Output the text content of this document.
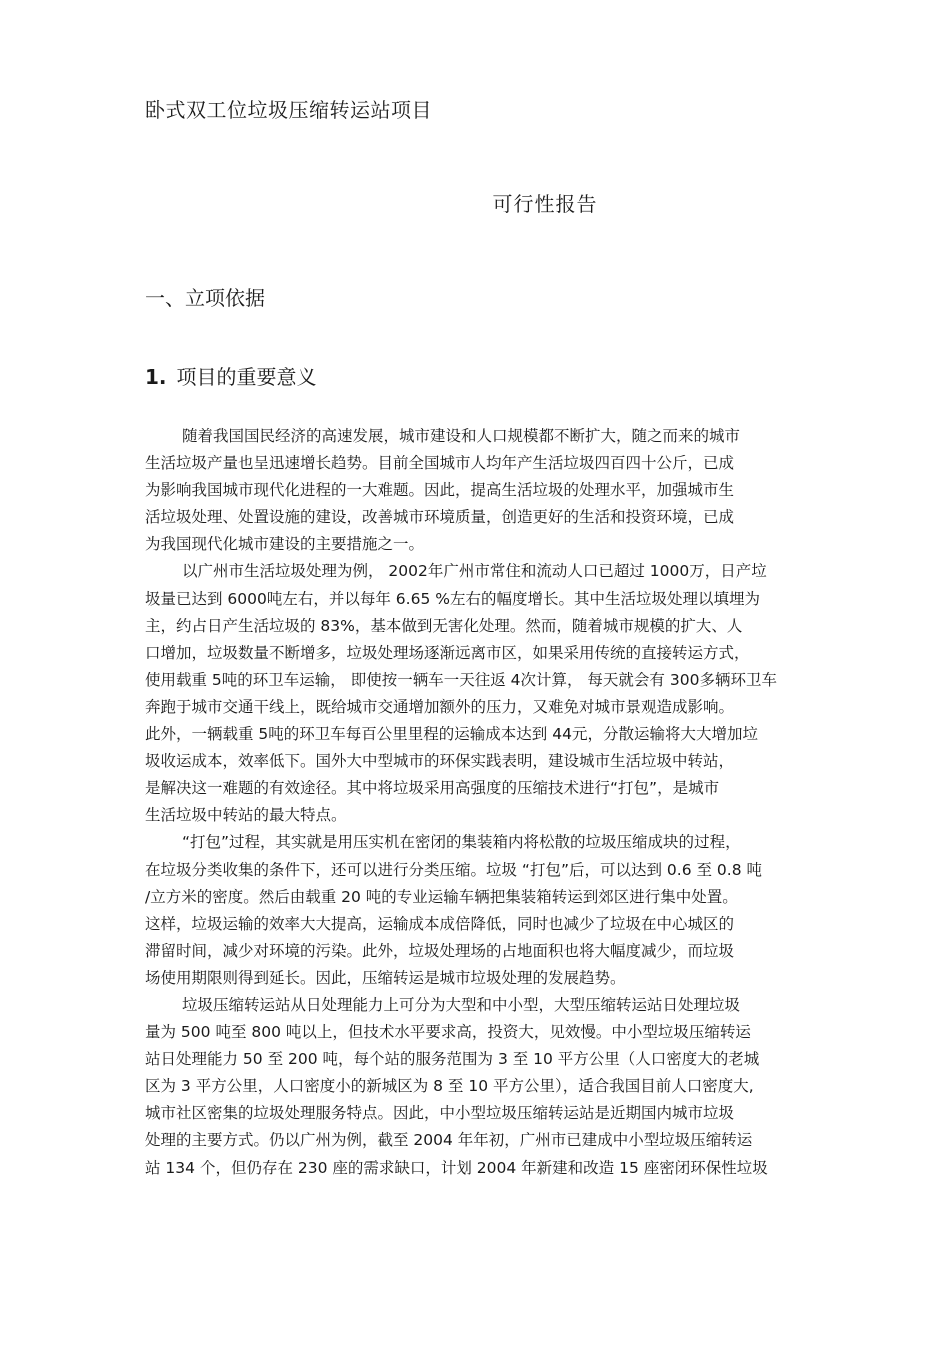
卧式双工位垃圾压缩转运站项目
可行性报告
一、立项依据
1. 项目的重要意义

随着我国国民经济的高速发展，城市建设和人口规模都不断扩大，随之而来的城市

生活垃圾产量也呈迅速增长趋势。目前全国城市人均年产生活垃圾四百四十公斤，已成

为影响我国城市现代化进程的一大难题。因此，提高生活垃圾的处理水平，加强城市生

活垃圾处理、处置设施的建设，改善城市环境质量，创造更好的生活和投资环境，已成

为我国现代化城市建设的主要措施之一。

以广州市生活垃圾处理为例， 2002年广州市常住和流动人口已超过 1000万，日产垃

圾量已达到 6000吨左右，并以每年 6.65 %左右的幅度增长。其中生活垃圾处理以填埋为

主，约占日产生活垃圾的 83%，基本做到无害化处理。然而，随着城市规模的扩大、人

口增加，垃圾数量不断增多，垃圾处理场逐渐远离市区，如果采用传统的直接转运方式，

使用载重 5吨的环卫车运输， 即使按一辆车一天往返 4次计算， 每天就会有 300多辆环卫车

奔跑于城市交通干线上，既给城市交通增加额外的压力，又难免对城市景观造成影响。

此外，一辆载重 5吨的环卫车每百公里里程的运输成本达到 44元，分散运输将大大增加垃

圾收运成本，效率低下。国外大中型城市的环保实践表明，建设城市生活垃圾中转站，

是解决这一难题的有效途径。其中将垃圾采用高强度的压缩技术进行“打包”，是城市

生活垃圾中转站的最大特点。

“打包”过程，其实就是用压实机在密闭的集装箱内将松散的垃圾压缩成块的过程，

在垃圾分类收集的条件下，还可以进行分类压缩。垃圾 “打包”后，可以达到 0.6 至 0.8 吨

/立方米的密度。然后由载重 20 吨的专业运输车辆把集装箱转运到郊区进行集中处置。

这样，垃圾运输的效率大大提高，运输成本成倍降低，同时也减少了垃圾在中心城区的

滞留时间，减少对环境的污染。此外，垃圾处理场的占地面积也将大幅度减少，而垃圾

场使用期限则得到延长。因此，压缩转运是城市垃圾处理的发展趋势。

垃圾压缩转运站从日处理能力上可分为大型和中小型，大型压缩转运站日处理垃圾

量为 500 吨至 800 吨以上，但技术水平要求高，投资大，见效慢。中小型垃圾压缩转运

站日处理能力 50 至 200 吨，每个站的服务范围为 3 至 10 平方公里（人口密度大的老城

区为 3 平方公里，人口密度小的新城区为 8 至 10 平方公里），适合我国目前人口密度大,

城市社区密集的垃圾处理服务特点。因此，中小型垃圾压缩转运站是近期国内城市垃圾

处理的主要方式。仍以广州为例，截至 2004 年年初，广州市已建成中小型垃圾压缩转运

站 134 个，但仍存在 230 座的需求缺口，计划 2004 年新建和改造 15 座密闭环保性垃圾
